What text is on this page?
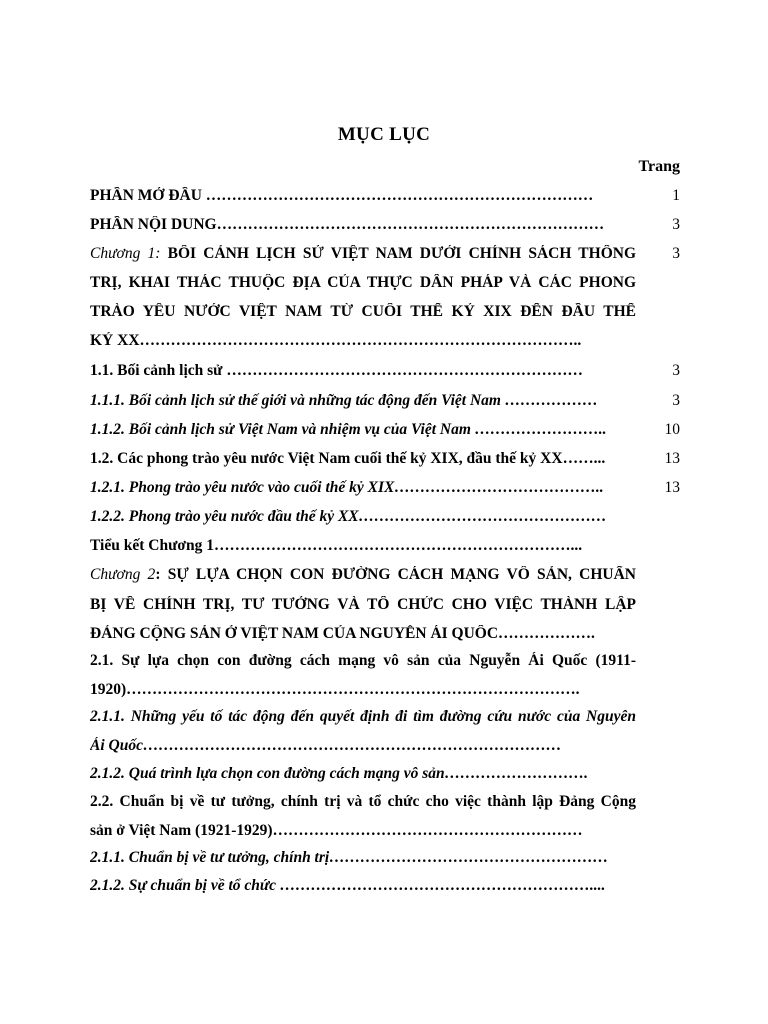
MỤC LỤC
Trang
PHẦN MỞ ĐẦU …………………………………………………………………	1
PHẦN NỘI DUNG…………………………………………………………………	3
Chương 1: BỐI CẢNH LỊCH SỬ VIỆT NAM DƯỚI CHÍNH SÁCH THỐNG	3
TRỊ, KHAI THÁC THUỘC ĐỊA CỦA THỰC DÂN PHÁP VÀ CÁC PHONG
TRÀO YÊU NƯỚC VIỆT NAM TỪ CUỐI THẾ KỶ XIX ĐẾN ĐẦU THẾ
KỶ XX…………………………………………………………………………..
1.1. Bối cảnh lịch sử ……………………………………………………………	3
1.1.1. Bối cảnh lịch sử thế giới và những tác động đến Việt Nam ………………	3
1.1.2. Bối cảnh lịch sử Việt Nam và nhiệm vụ của Việt Nam ……………………..	10
1.2. Các phong trào yêu nước Việt Nam cuối thế kỷ XIX, đầu thế kỷ XX……...	13
1.2.1. Phong trào yêu nước vào cuối thế kỷ XIX…………………………………..	13
1.2.2. Phong trào yêu nước đầu thế kỷ XX…………………………………………
Tiểu kết Chương 1……………………………………………………………...
Chương 2: SỰ LỰA CHỌN CON ĐƯỜNG CÁCH MẠNG VÔ SẢN, CHUẨN
BỊ VỀ CHÍNH TRỊ, TƯ TƯỞNG VÀ TỔ CHỨC CHO VIỆC THÀNH LẬP
ĐẢNG CỘNG SẢN Ở VIỆT NAM CỦA NGUYỄN ÁI QUỐC……………….
2.1. Sự lựa chọn con đường cách mạng vô sản của Nguyễn Ái Quốc (1911-
1920)…………………………………………………………………………….
2.1.1. Những yếu tố tác động đến quyết định đi tìm đường cứu nước của Nguyên
Ái Quốc………………………………………………………………………
2.1.2. Quá trình lựa chọn con đường cách mạng vô sản……………………….
2.2. Chuẩn bị về tư tưởng, chính trị và tổ chức cho việc thành lập Đảng Cộng
sản ở Việt Nam (1921-1929)……………………………………………………
2.1.1. Chuẩn bị về tư tưởng, chính trị………………………………………………
2.1.2. Sự chuẩn bị về tổ chức ……………………………………………………....
